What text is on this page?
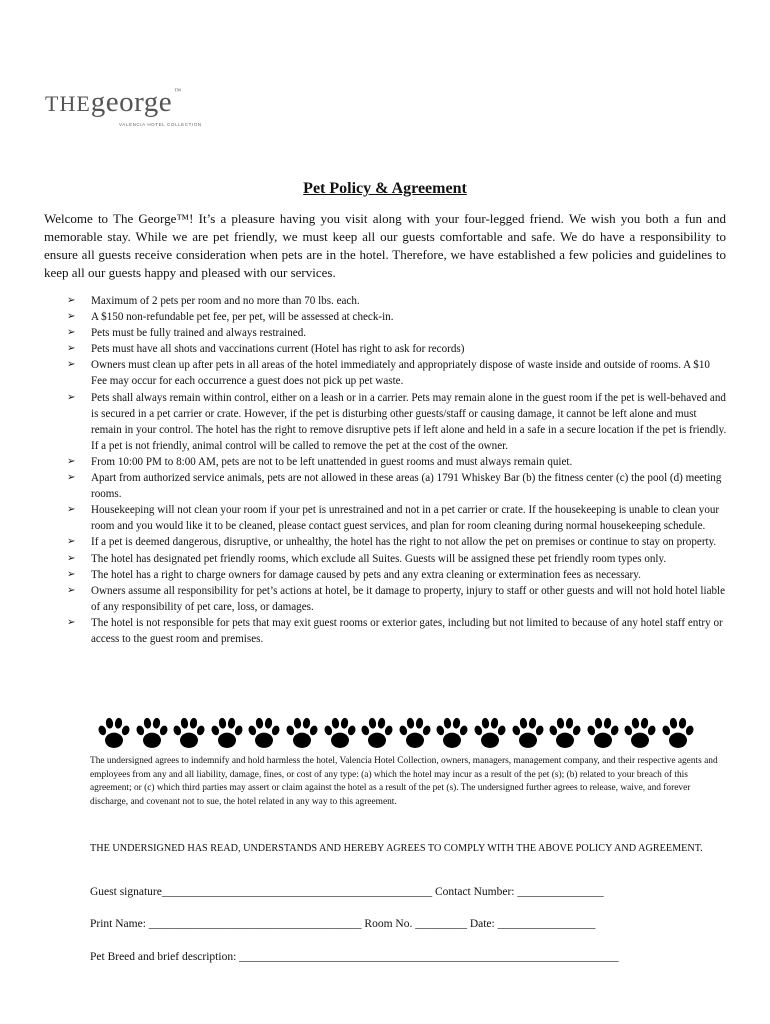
THEgeorge ™
VALENCIA HOTEL COLLECTION
Pet Policy & Agreement

Welcome to The George™! It’s a pleasure having you visit along with your four-legged friend. We wish you both a fun and memorable stay. While we are pet friendly, we must keep all our guests comfortable and safe. We do have a responsibility to ensure all guests receive consideration when pets are in the hotel. Therefore, we have established a few policies and guidelines to keep all our guests happy and pleased with our services.

➢ Maximum of 2 pets per room and no more than 70 lbs. each.
➢ A $150 non-refundable pet fee, per pet, will be assessed at check-in.
➢ Pets must be fully trained and always restrained.
➢ Pets must have all shots and vaccinations current (Hotel has right to ask for records)
➢ Owners must clean up after pets in all areas of the hotel immediately and appropriately dispose of waste inside and outside of rooms. A $10 Fee may occur for each occurrence a guest does not pick up pet waste.
➢ Pets shall always remain within control, either on a leash or in a carrier. Pets may remain alone in the guest room if the pet is well-behaved and is secured in a pet carrier or crate. However, if the pet is disturbing other guests/staff or causing damage, it cannot be left alone and must remain in your control. The hotel has the right to remove disruptive pets if left alone and held in a safe in a secure location if the pet is friendly. If a pet is not friendly, animal control will be called to remove the pet at the cost of the owner.
➢ From 10:00 PM to 8:00 AM, pets are not to be left unattended in guest rooms and must always remain quiet.
➢ Apart from authorized service animals, pets are not allowed in these areas (a) 1791 Whiskey Bar (b) the fitness center (c) the pool (d) meeting rooms.
➢ Housekeeping will not clean your room if your pet is unrestrained and not in a pet carrier or crate. If the housekeeping is unable to clean your room and you would like it to be cleaned, please contact guest services, and plan for room cleaning during normal housekeeping schedule.
➢ If a pet is deemed dangerous, disruptive, or unhealthy, the hotel has the right to not allow the pet on premises or continue to stay on property.
➢ The hotel has designated pet friendly rooms, which exclude all Suites. Guests will be assigned these pet friendly room types only.
➢ The hotel has a right to charge owners for damage caused by pets and any extra cleaning or extermination fees as necessary.
➢ Owners assume all responsibility for pet’s actions at hotel, be it damage to property, injury to staff or other guests and will not hold hotel liable of any responsibility of pet care, loss, or damages.
➢ The hotel is not responsible for pets that may exit guest rooms or exterior gates, including but not limited to because of any hotel staff entry or access to the guest room and premises.

The undersigned agrees to indemnify and hold harmless the hotel, Valencia Hotel Collection, owners, managers, management company, and their respective agents and employees from any and all liability, damage, fines, or cost of any type: (a) which the hotel may incur as a result of the pet (s); (b) related to your breach of this agreement; or (c) which third parties may assert or claim against the hotel as a result of the pet (s). The undersigned further agrees to release, waive, and forever discharge, and covenant not to sue, the hotel related in any way to this agreement.

THE UNDERSIGNED HAS READ, UNDERSTANDS AND HEREBY AGREES TO COMPLY WITH THE ABOVE POLICY AND AGREEMENT.

Guest signature_______________________________________________ Contact Number: _______________
Print Name: _____________________________________ Room No. _________ Date: _________________
Pet Breed and brief description: __________________________________________________________________
